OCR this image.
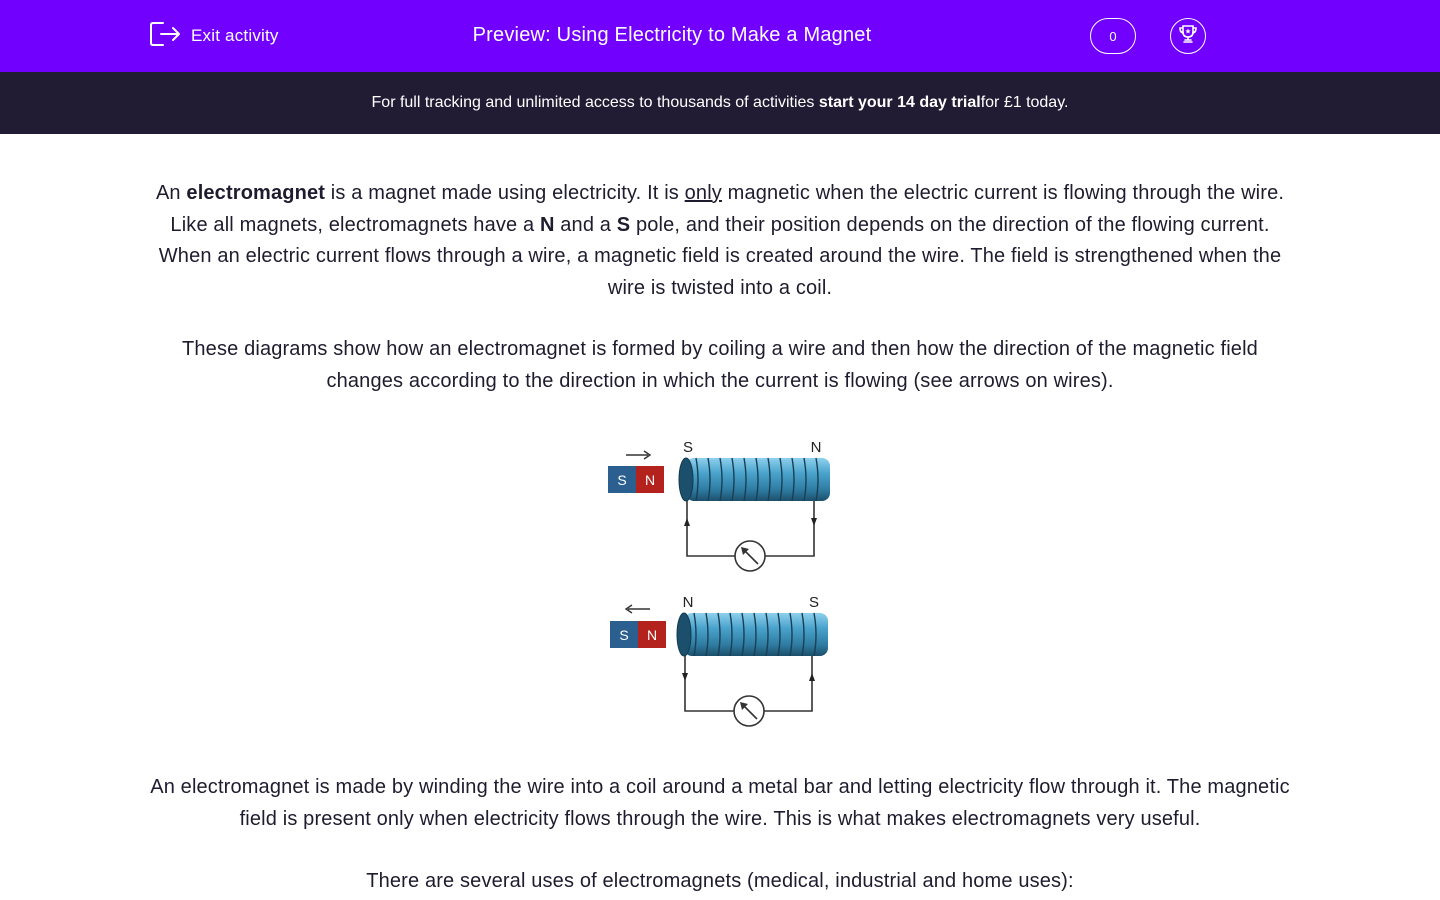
Exit activity	Preview: Using Electricity to Make a Magnet	0
For full tracking and unlimited access to thousands of activities
start your 14 day trial for £1 today.

An electromagnet is a magnet made using electricity. It is only magnetic when the electric current is flowing through the wire. Like all magnets, electromagnets have a N and a S pole, and their position depends on the direction of the flowing current. When an electric current flows through a wire, a magnetic field is created around the wire. The field is strengthened when the wire is twisted into a coil.

These diagrams show how an electromagnet is formed by coiling a wire and then how the direction of the magnetic field changes according to the direction in which the current is flowing (see arrows on wires).

S N
S	N
S N
N	S

An electromagnet is made by winding the wire into a coil around a metal bar and letting electricity flow through it. The magnetic field is present only when electricity flows through the wire. This is what makes electromagnets very useful.

There are several uses of electromagnets (medical, industrial and home uses):
